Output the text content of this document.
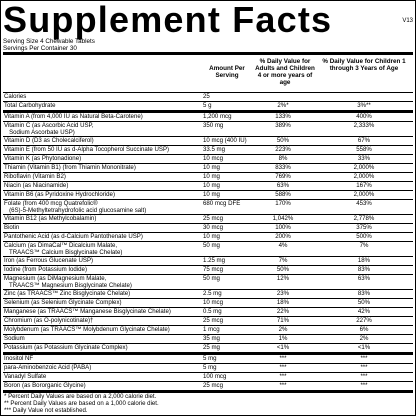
Supplement Facts	V13
Serving Size 4 Chewable Tablets
Servings Per Container 30
Amount Per Serving
% Daily Value for Adults and Children 4 or more years of age
% Daily Value for Children 1 through 3 Years of Age
Calories	25
Total Carbohydrate	5 g	2%*	3%**
Vitamin A (from 4,000 IU as Natural Beta-Carotene)	1,200 mcg	133%	400%
Vitamin C (as Ascorbic Acid USP,
Sodium Ascorbate USP)
350 mg	389%	2,333%
Vitamin D (D3 as Cholecalciferol)	10 mcg (400 IU)	50%	67%
Vitamin E (from 50 IU as d-Alpha Tocopherol Succinate USP)	33.5 mg	223%	558%
Vitamin K (as Phytonadione)	10 mcg	8%	33%
Thiamin (Vitamin B1) (from Thiamin Mononitrate)	10 mg	833%	2,000%
Riboflavin (Vitamin B2)	10 mg	769%	2,000%
Niacin (as Niacinamide)	10 mg	63%	167%
Vitamin B6 (as Pyridoxine Hydrochloride)	10 mg	588%	2,000%
Folate (from 400 mcg Quatrefolic®
(6S)-5-Methyltetrahydrofolic acid glucosamine salt)
680 mcg DFE	170%	453%
Vitamin B12 (as Methylcobalamin)	25 mcg	1,042%	2,778%
Biotin	30 mcg	100%	375%
Pantothenic Acid (as d-Calcium Pantothenate USP)	10 mg	200%	500%
Calcium (as DimaCal™ Dicalcium Malate,
TRAACS™ Calcium Bisglycinate Chelate)
50 mg	4%	7%
Iron (as Ferrous Glucenate USP)	1.25 mg	7%	18%
Iodine (from Potassium Iodide)	75 mcg	50%	83%
Magnesium (as DiMagnesium Malate,
TRAACS™ Magnesium Bisglycinate Chelate)
50 mg	12%	63%
Zinc (as TRAACS™ Zinc Bisglycinate Chelate)	2.5 mg	23%	83%
Selenium (as Selenium Glycinate Complex)	10 mcg	18%	50%
Manganese (as TRAACS™ Manganese Bisglycinate Chelate)	0.5 mg	22%	42%
Chromium (as O-polynicotinate)†	25 mcg	71%	227%
Molybdenum (as TRAACS™ Molybdenum Glycinate Chelate)	1 mcg	2%	6%
Sodium	35 mg	1%	2%
Potassium (as Potassium Glycinate Complex)	25 mg	<1%	<1%
Inositol NF	5 mg	***	***
para-Aminobenzoic Acid (PABA)	5 mg	***	***
Vanadyl Sulfate	100 mcg	***	***
Boron (as Bororganic Glycine)	25 mcg	***	***
* Percent Daily Values are based on a 2,000 calorie diet.
** Percent Daily Values are based on a 1,000 calorie diet.
*** Daily Value not established.
